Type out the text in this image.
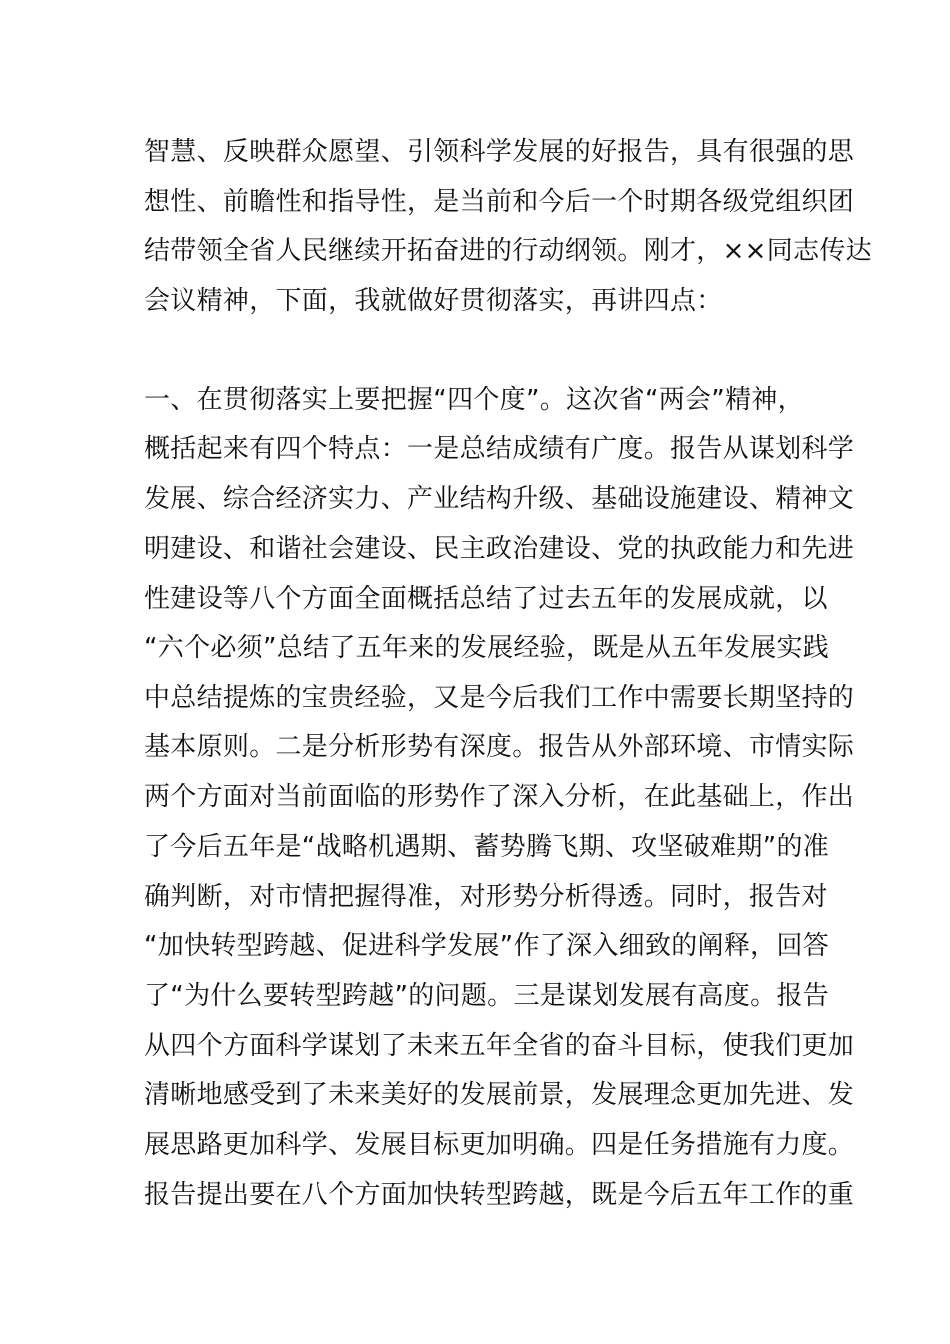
智慧、反映群众愿望、引领科学发展的好报告，具有很强的思
想性、前瞻性和指导性，是当前和今后一个时期各级党组织团
结带领全省人民继续开拓奋进的行动纲领。刚才，××同志传达
会议精神，下面，我就做好贯彻落实，再讲四点：
一、在贯彻落实上要把握“四个度”。这次省“两会”精神，
概括起来有四个特点：一是总结成绩有广度。报告从谋划科学
发展、综合经济实力、产业结构升级、基础设施建设、精神文
明建设、和谐社会建设、民主政治建设、党的执政能力和先进
性建设等八个方面全面概括总结了过去五年的发展成就，以
“六个必须”总结了五年来的发展经验，既是从五年发展实践
中总结提炼的宝贵经验，又是今后我们工作中需要长期坚持的
基本原则。二是分析形势有深度。报告从外部环境、市情实际
两个方面对当前面临的形势作了深入分析，在此基础上，作出
了今后五年是“战略机遇期、蓄势腾飞期、攻坚破难期”的准
确判断，对市情把握得准，对形势分析得透。同时，报告对
“加快转型跨越、促进科学发展”作了深入细致的阐释，回答
了“为什么要转型跨越”的问题。三是谋划发展有高度。报告
从四个方面科学谋划了未来五年全省的奋斗目标，使我们更加
清晰地感受到了未来美好的发展前景，发展理念更加先进、发
展思路更加科学、发展目标更加明确。四是任务措施有力度。
报告提出要在八个方面加快转型跨越，既是今后五年工作的重
